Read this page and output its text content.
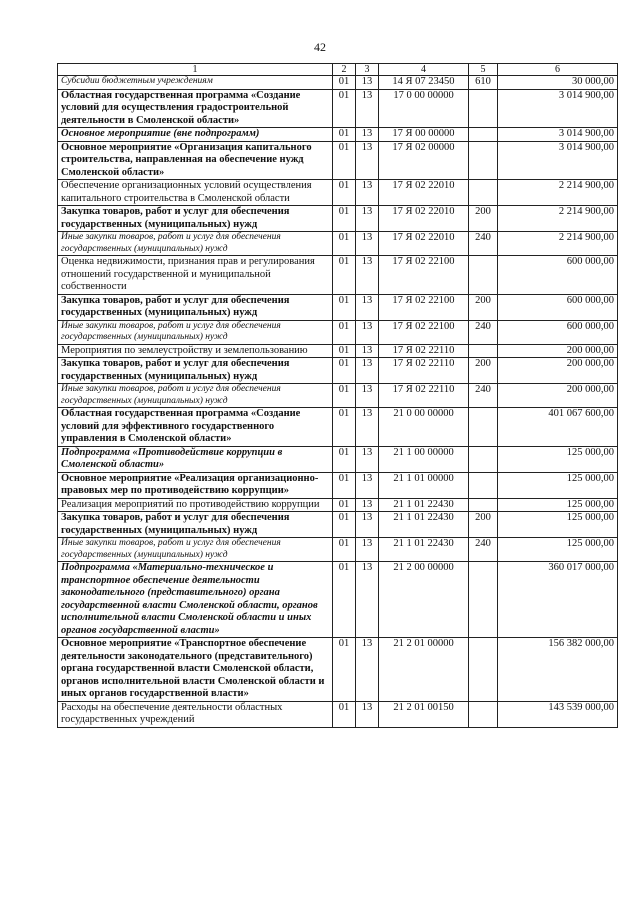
42
1	2	3	4	5	6
Субсидии бюджетным учреждениям	01	13	14 Я 07 23450	610	30 000,00
Областная государственная программа «Создание условий для осуществления градостроительной деятельности в Смоленской области»	01	13	17 0 00 00000		3 014 900,00
Основное мероприятие (вне подпрограмм)	01	13	17 Я 00 00000		3 014 900,00
Основное мероприятие «Организация капитального строительства, направленная на обеспечение нужд Смоленской области»	01	13	17 Я 02 00000		3 014 900,00
Обеспечение организационных условий осуществления капитального строительства в Смоленской области	01	13	17 Я 02 22010		2 214 900,00
Закупка товаров, работ и услуг для обеспечения государственных (муниципальных) нужд	01	13	17 Я 02 22010	200	2 214 900,00
Иные закупки товаров, работ и услуг для обеспечения государственных (муниципальных) нужд	01	13	17 Я 02 22010	240	2 214 900,00
Оценка недвижимости, признания прав и регулирования отношений государственной и муниципальной собственности	01	13	17 Я 02 22100		600 000,00
Закупка товаров, работ и услуг для обеспечения государственных (муниципальных) нужд	01	13	17 Я 02 22100	200	600 000,00
Иные закупки товаров, работ и услуг для обеспечения государственных (муниципальных) нужд	01	13	17 Я 02 22100	240	600 000,00
Мероприятия по землеустройству и землепользованию	01	13	17 Я 02 22110		200 000,00
Закупка товаров, работ и услуг для обеспечения государственных (муниципальных) нужд	01	13	17 Я 02 22110	200	200 000,00
Иные закупки товаров, работ и услуг для обеспечения государственных (муниципальных) нужд	01	13	17 Я 02 22110	240	200 000,00
Областная государственная программа «Создание условий для эффективного государственного управления в Смоленской области»	01	13	21 0 00 00000		401 067 600,00
Подпрограмма «Противодействие коррупции в Смоленской области»	01	13	21 1 00 00000		125 000,00
Основное мероприятие «Реализация организационно-правовых мер по противодействию коррупции»	01	13	21 1 01 00000		125 000,00
Реализация мероприятий по противодействию коррупции	01	13	21 1 01 22430		125 000,00
Закупка товаров, работ и услуг для обеспечения государственных (муниципальных) нужд	01	13	21 1 01 22430	200	125 000,00
Иные закупки товаров, работ и услуг для обеспечения государственных (муниципальных) нужд	01	13	21 1 01 22430	240	125 000,00
Подпрограмма «Материально-техническое и транспортное обеспечение деятельности законодательного (представительного) органа государственной власти Смоленской области, органов исполнительной власти Смоленской области и иных органов государственной власти»	01	13	21 2 00 00000		360 017 000,00
Основное мероприятие «Транспортное обеспечение деятельности законодательного (представительного) органа государственной власти Смоленской области, органов исполнительной власти Смоленской области и иных органов государственной власти»	01	13	21 2 01 00000		156 382 000,00
Расходы на обеспечение деятельности областных государственных учреждений	01	13	21 2 01 00150		143 539 000,00
